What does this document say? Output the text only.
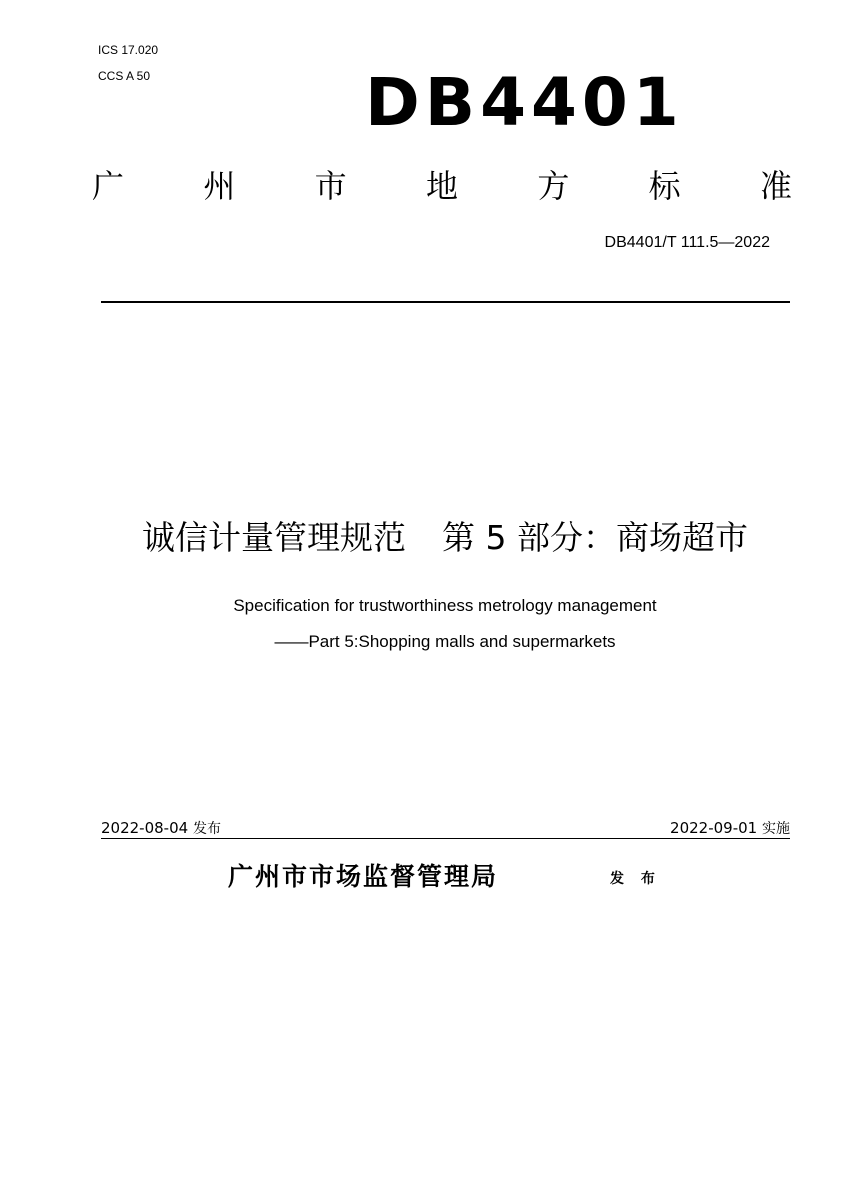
ICS 17.020
CCS A 50	DB4401
广 州 市 地 方 标 准
DB4401/T 111.5—2022
诚信计量管理规范 第 5 部分：商场超市
Specification for trustworthiness metrology management
——Part 5:Shopping malls and supermarkets
2022-08-04 发布	2022-09-01 实施
广州市市场监督管理局	发 布
